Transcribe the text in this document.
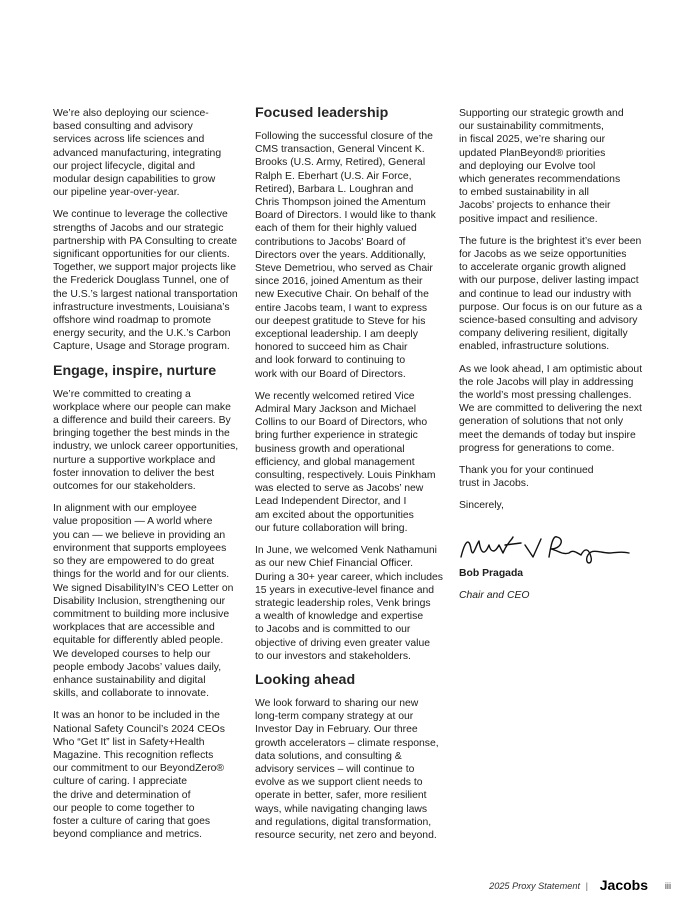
We’re also deploying our science-
based consulting and advisory
services across life sciences and
advanced manufacturing, integrating
our project lifecycle, digital and
modular design capabilities to grow
our pipeline year-over-year.

We continue to leverage the collective
strengths of Jacobs and our strategic
partnership with PA Consulting to create
significant opportunities for our clients.
Together, we support major projects like
the Frederick Douglass Tunnel, one of
the U.S.’s largest national transportation
infrastructure investments, Louisiana’s
offshore wind roadmap to promote
energy security, and the U.K.’s Carbon
Capture, Usage and Storage program.

Engage, inspire, nurture

We’re committed to creating a
workplace where our people can make
a difference and build their careers. By
bringing together the best minds in the
industry, we unlock career opportunities,
nurture a supportive workplace and
foster innovation to deliver the best
outcomes for our stakeholders.

In alignment with our employee
value proposition — A world where
you can — we believe in providing an
environment that supports employees
so they are empowered to do great
things for the world and for our clients.
We signed DisabilityIN’s CEO Letter on
Disability Inclusion, strengthening our
commitment to building more inclusive
workplaces that are accessible and
equitable for differently abled people.
We developed courses to help our
people embody Jacobs’ values daily,
enhance sustainability and digital
skills, and collaborate to innovate.

It was an honor to be included in the
National Safety Council’s 2024 CEOs
Who “Get It” list in Safety+Health
Magazine. This recognition reflects
our commitment to our BeyondZero®
culture of caring. I appreciate
the drive and determination of
our people to come together to
foster a culture of caring that goes
beyond compliance and metrics.

Focused leadership

Following the successful closure of the
CMS transaction, General Vincent K.
Brooks (U.S. Army, Retired), General
Ralph E. Eberhart (U.S. Air Force,
Retired), Barbara L. Loughran and
Chris Thompson joined the Amentum
Board of Directors. I would like to thank
each of them for their highly valued
contributions to Jacobs’ Board of
Directors over the years. Additionally,
Steve Demetriou, who served as Chair
since 2016, joined Amentum as their
new Executive Chair. On behalf of the
entire Jacobs team, I want to express
our deepest gratitude to Steve for his
exceptional leadership. I am deeply
honored to succeed him as Chair
and look forward to continuing to
work with our Board of Directors.

We recently welcomed retired Vice
Admiral Mary Jackson and Michael
Collins to our Board of Directors, who
bring further experience in strategic
business growth and operational
efficiency, and global management
consulting, respectively. Louis Pinkham
was elected to serve as Jacobs’ new
Lead Independent Director, and I
am excited about the opportunities
our future collaboration will bring.

In June, we welcomed Venk Nathamuni
as our new Chief Financial Officer.
During a 30+ year career, which includes
15 years in executive-level finance and
strategic leadership roles, Venk brings
a wealth of knowledge and expertise
to Jacobs and is committed to our
objective of driving even greater value
to our investors and stakeholders.

Looking ahead

We look forward to sharing our new
long-term company strategy at our
Investor Day in February. Our three
growth accelerators – climate response,
data solutions, and consulting &
advisory services – will continue to
evolve as we support client needs to
operate in better, safer, more resilient
ways, while navigating changing laws
and regulations, digital transformation,
resource security, net zero and beyond.

Supporting our strategic growth and
our sustainability commitments,
in fiscal 2025, we’re sharing our
updated PlanBeyond® priorities
and deploying our Evolve tool
which generates recommendations
to embed sustainability in all
Jacobs’ projects to enhance their
positive impact and resilience.

The future is the brightest it’s ever been
for Jacobs as we seize opportunities
to accelerate organic growth aligned
with our purpose, deliver lasting impact
and continue to lead our industry with
purpose. Our focus is on our future as a
science-based consulting and advisory
company delivering resilient, digitally
enabled, infrastructure solutions.

As we look ahead, I am optimistic about
the role Jacobs will play in addressing
the world’s most pressing challenges.
We are committed to delivering the next
generation of solutions that not only
meet the demands of today but inspire
progress for generations to come.

Thank you for your continued
trust in Jacobs.

Sincerely,

Bob Pragada

Chair and CEO

2025 Proxy Statement | Jacobs iii
